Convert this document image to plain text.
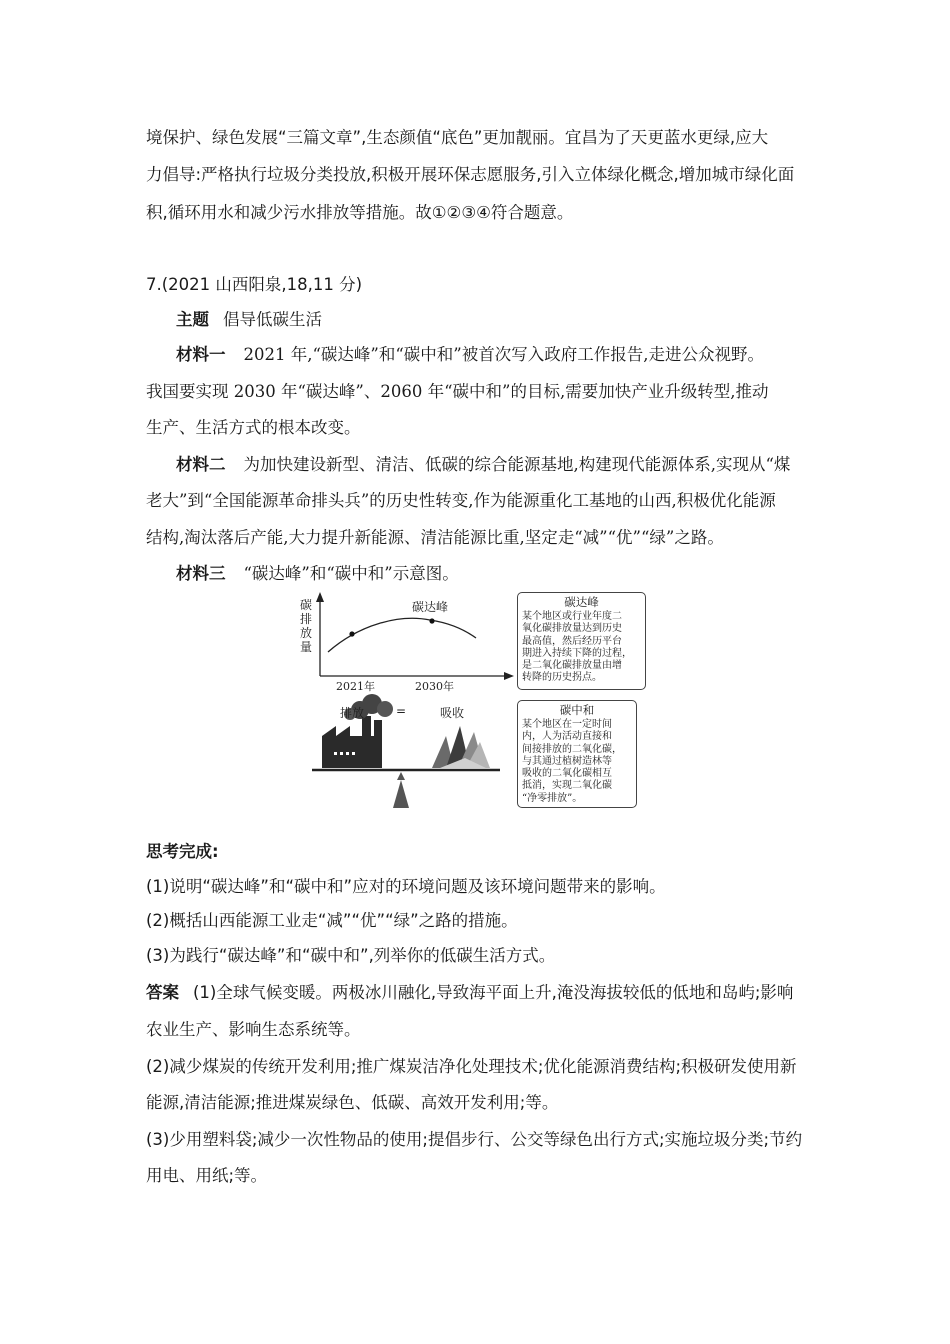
境保护、绿色发展“三篇文章”,生态颜值“底色”更加靓丽。宜昌为了天更蓝水更绿,应大
力倡导:严格执行垃圾分类投放,积极开展环保志愿服务,引入立体绿化概念,增加城市绿化面
积,循环用水和减少污水排放等措施。故①②③④符合题意。
7.(2021 山西阳泉,18,11 分)
主题 倡导低碳生活
材料一 2021 年,“碳达峰”和“碳中和”被首次写入政府工作报告,走进公众视野。
我国要实现 2030 年“碳达峰”、2060 年“碳中和”的目标,需要加快产业升级转型,推动
生产、生活方式的根本改变。
材料二 为加快建设新型、清洁、低碳的综合能源基地,构建现代能源体系,实现从“煤
老大”到“全国能源革命排头兵”的历史性转变,作为能源重化工基地的山西,积极优化能源
结构,淘汰落后产能,大力提升新能源、清洁能源比重,坚定走“减”“优”“绿”之路。
材料三 “碳达峰”和“碳中和”示意图。
碳排放量
碳达峰
2021年	2030年
排放	=	吸收
碳达峰
某个地区或行业年度二
氧化碳排放量达到历史
最高值，然后经历平台
期进入持续下降的过程，
是二氧化碳排放量由增
转降的历史拐点。
碳中和
某个地区在一定时间
内，人为活动直接和
间接排放的二氧化碳，
与其通过植树造林等
吸收的二氧化碳相互
抵消，实现二氧化碳
“净零排放”。
思考完成:
(1)说明“碳达峰”和“碳中和”应对的环境问题及该环境问题带来的影响。
(2)概括山西能源工业走“减”“优”“绿”之路的措施。
(3)为践行“碳达峰”和“碳中和”,列举你的低碳生活方式。
答案 (1)全球气候变暖。两极冰川融化,导致海平面上升,淹没海拔较低的低地和岛屿;影响
农业生产、影响生态系统等。
(2)减少煤炭的传统开发利用;推广煤炭洁净化处理技术;优化能源消费结构;积极研发使用新
能源,清洁能源;推进煤炭绿色、低碳、高效开发利用;等。
(3)少用塑料袋;减少一次性物品的使用;提倡步行、公交等绿色出行方式;实施垃圾分类;节约
用电、用纸;等。
